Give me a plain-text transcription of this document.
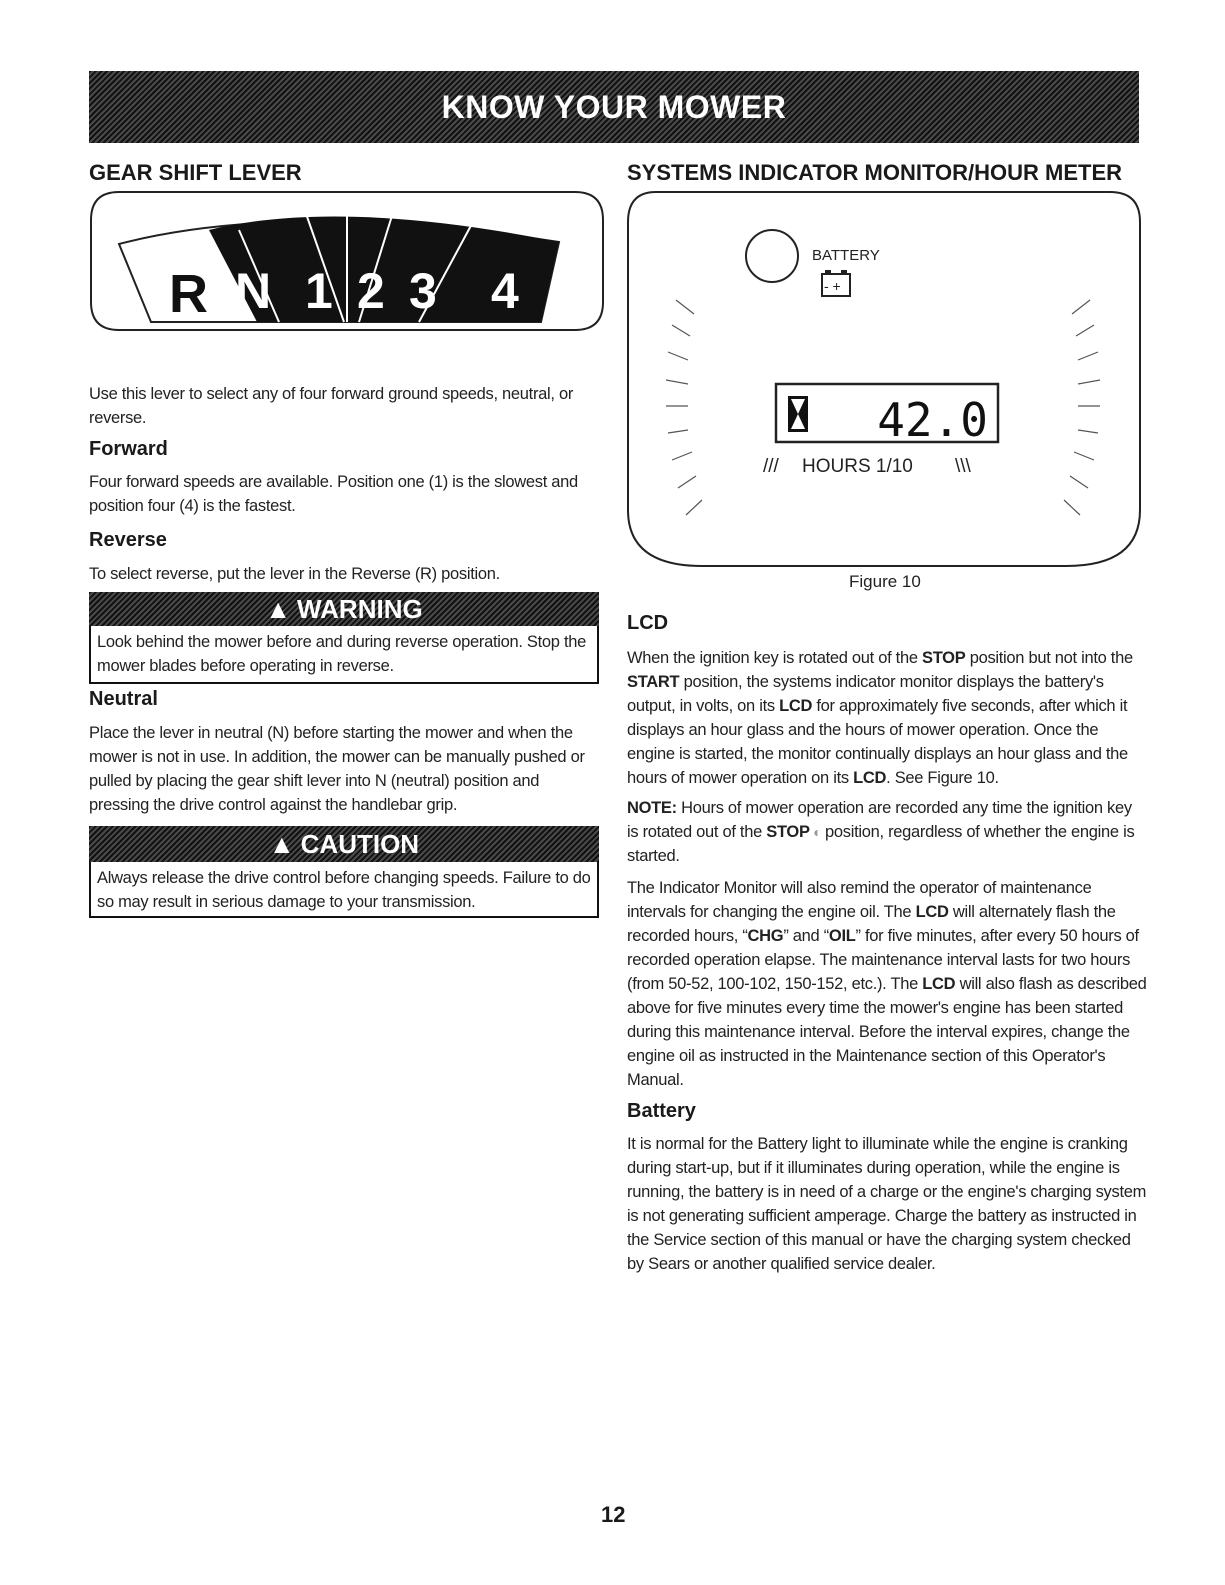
KNOW YOUR MOWER
GEAR SHIFT LEVER
R N 1 2 3 4
Use this lever to select any of four forward ground speeds, neutral, or reverse.
Forward
Four forward speeds are available. Position one (1) is the slowest and position four (4) is the fastest.
Reverse
To select reverse, put the lever in the Reverse (R) position.
▲ WARNING
Look behind the mower before and during reverse operation. Stop the mower blades before operating in reverse.
Neutral
Place the lever in neutral (N) before starting the mower and when the mower is not in use. In addition, the mower can be manually pushed or pulled by placing the gear shift lever into N (neutral) position and pressing the drive control against the handlebar grip.
▲ CAUTION
Always release the drive control before changing speeds. Failure to do so may result in serious damage to your transmission.
SYSTEMS INDICATOR MONITOR/HOUR METER
BATTERY
- +
42.0
/// HOURS 1/10 \\\
Figure 10
LCD
When the ignition key is rotated out of the STOP position but not into the START position, the systems indicator monitor displays the battery's output, in volts, on its LCD for approximately five seconds, after which it displays an hour glass and the hours of mower operation. Once the engine is started, the monitor continually displays an hour glass and the hours of mower operation on its LCD. See Figure 10.
NOTE: Hours of mower operation are recorded any time the ignition key is rotated out of the STOP ◐ position, regardless of whether the engine is started.
The Indicator Monitor will also remind the operator of maintenance intervals for changing the engine oil. The LCD will alternately flash the recorded hours, “CHG” and “OIL” for five minutes, after every 50 hours of recorded operation elapse. The maintenance interval lasts for two hours (from 50-52, 100-102, 150-152, etc.). The LCD will also flash as described above for five minutes every time the mower's engine has been started during this maintenance interval. Before the interval expires, change the engine oil as instructed in the Maintenance section of this Operator's Manual.
Battery
It is normal for the Battery light to illuminate while the engine is cranking during start-up, but if it illuminates during operation, while the engine is running, the battery is in need of a charge or the engine's charging system is not generating sufficient amperage. Charge the battery as instructed in the Service section of this manual or have the charging system checked by Sears or another qualified service dealer.
12
